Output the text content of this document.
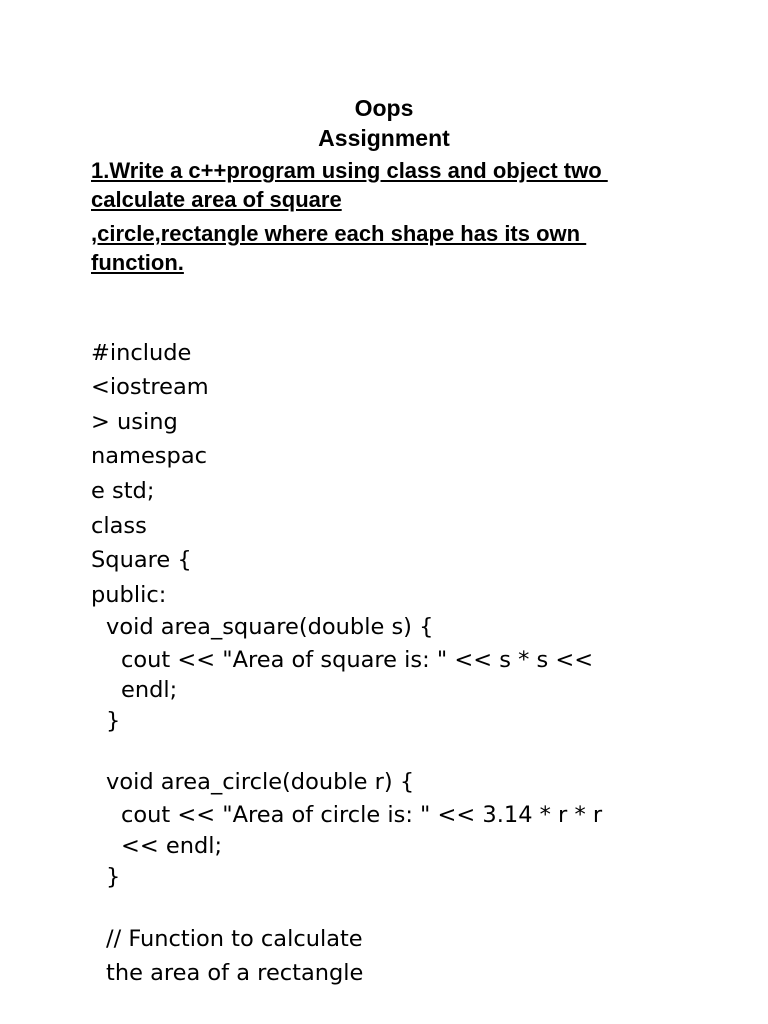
Oops
Assignment

1.Write a c++program using class and object two

calculate area of square

,circle,rectangle where each shape has its own

function.

#include

<iostream

> using

namespac

e std;

class

Square {

public:

void area_square(double s) {

cout << "Area of square is: " << s * s <<

endl;

}

void area_circle(double r) {

cout << "Area of circle is: " << 3.14 * r * r

<< endl;

}

// Function to calculate

the area of a rectangle
